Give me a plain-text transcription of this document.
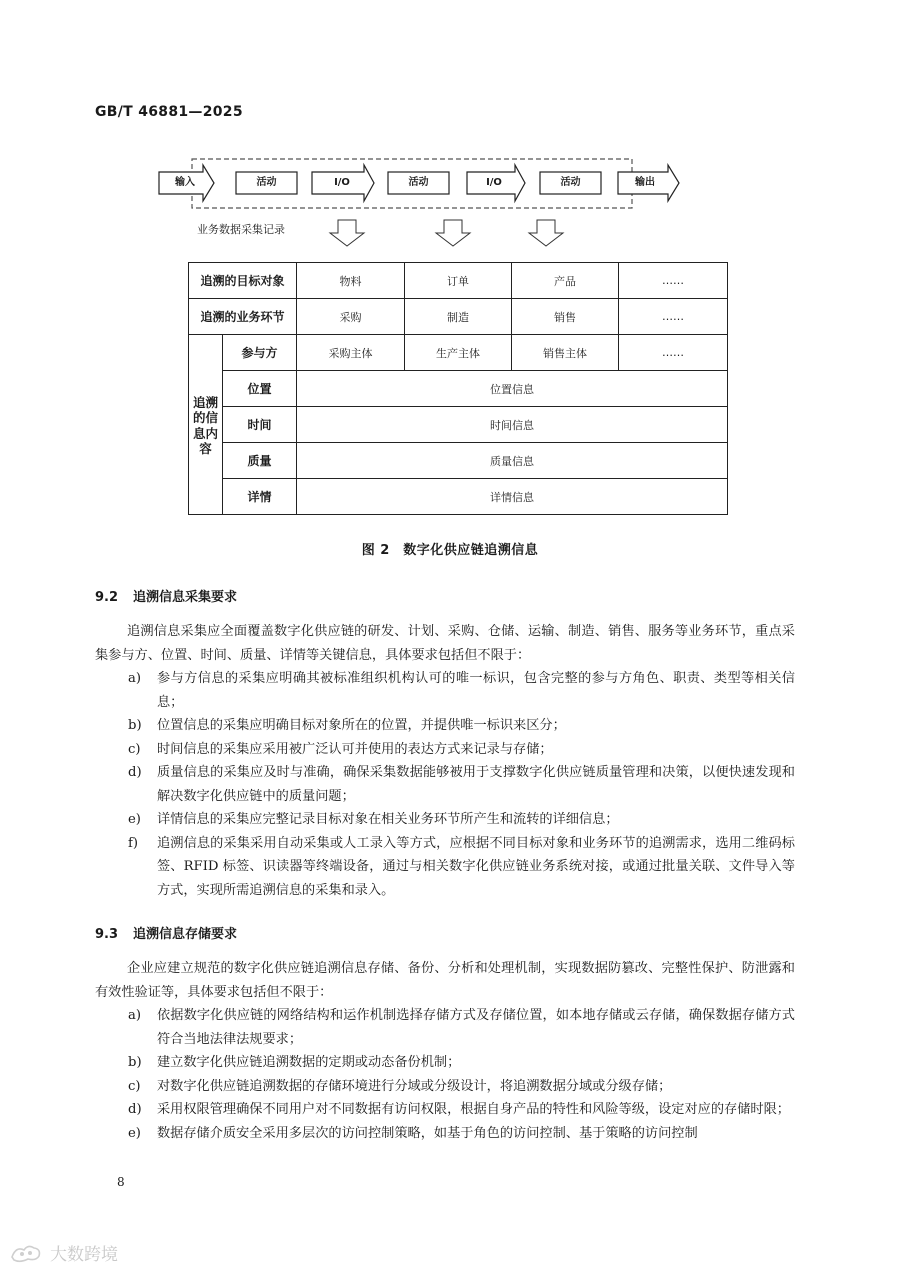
GB/T 46881—2025
输入	活动	I/O	活动	I/O	活动	输出
业务数据采集记录
追溯的目标对象		物料	订单	产品	……
追溯的业务环节		采购	制造	销售	……
追溯的信息内容	参与方	采购主体	生产主体	销售主体	……
	位置	位置信息			
	时间	时间信息			
	质量	质量信息			
	详情	详情信息			
图 2　数字化供应链追溯信息
9.2 追溯信息采集要求

追溯信息采集应全面覆盖数字化供应链的研发、计划、采购、仓储、运输、制造、销售、服务等业务环节，重点采集参与方、位置、时间、质量、详情等关键信息，具体要求包括但不限于：

a)	参与方信息的采集应明确其被标准组织机构认可的唯一标识，包含完整的参与方角色、职责、类型等相关信息；
b)	位置信息的采集应明确目标对象所在的位置，并提供唯一标识来区分；
c)	时间信息的采集应采用被广泛认可并使用的表达方式来记录与存储；
d)	质量信息的采集应及时与准确，确保采集数据能够被用于支撑数字化供应链质量管理和决策，以便快速发现和解决数字化供应链中的质量问题；
e)	详情信息的采集应完整记录目标对象在相关业务环节所产生和流转的详细信息；
f)	追溯信息的采集采用自动采集或人工录入等方式，应根据不同目标对象和业务环节的追溯需求，选用二维码标签、RFID 标签、识读器等终端设备，通过与相关数字化供应链业务系统对接，或通过批量关联、文件导入等方式，实现所需追溯信息的采集和录入。
9.3 追溯信息存储要求

企业应建立规范的数字化供应链追溯信息存储、备份、分析和处理机制，实现数据防篡改、完整性保护、防泄露和有效性验证等，具体要求包括但不限于：

a)	依据数字化供应链的网络结构和运作机制选择存储方式及存储位置，如本地存储或云存储，确保数据存储方式符合当地法律法规要求；
b)	建立数字化供应链追溯数据的定期或动态备份机制；
c)	对数字化供应链追溯数据的存储环境进行分域或分级设计，将追溯数据分域或分级存储；
d)	采用权限管理确保不同用户对不同数据有访问权限，根据自身产品的特性和风险等级，设定对应的存储时限；
e)	数据存储介质安全采用多层次的访问控制策略，如基于角色的访问控制、基于策略的访问控制
8
大数跨境
